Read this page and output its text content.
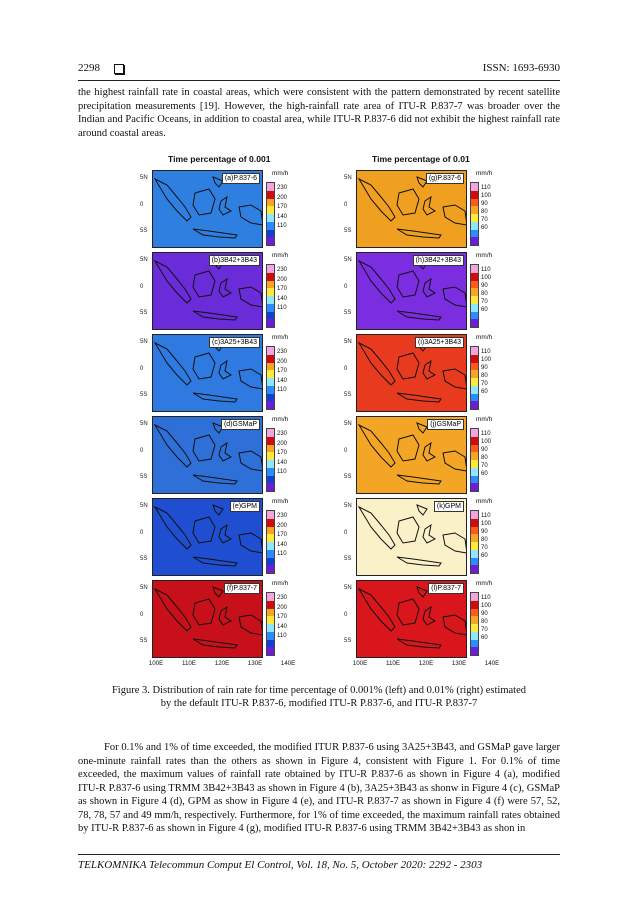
2298	ISSN: 1693-6930

the highest rainfall rate in coastal areas, which were consistent with the pattern demonstrated by recent satellite precipitation measurements [19]. However, the high-rainfall rate area of ITU-R P.837-7 was broader over the Indian and Pacific Oceans, in addition to coastal area, while ITU-R P.837-6 did not exhibit the highest rainfall rate around coastal areas.

Time percentage of 0.001	Time percentage of 0.01
100E	110E	120E	130E	140E	100E	110E	120E	130E	140E
5N
0
5S
(a)P.837-6
mm/h
230
200
170
140
110
5N
0
5S
(b)3B42+3B43
mm/h
230
200
170
140
110
5N
0
5S
(c)3A25+3B43
mm/h
230
200
170
140
110
5N
0
5S
(d)GSMaP
mm/h
230
200
170
140
110
5N
0
5S
(e)GPM
mm/h
230
200
170
140
110
5N
0
5S
(f)P.837-7
mm/h
230
200
170
140
110
5N
0
5S
(g)P.837-6
mm/h
110
100
90
80
70
60
5N
0
5S
(h)3B42+3B43
mm/h
110
100
90
80
70
60
5N
0
5S
(i)3A25+3B43
mm/h
110
100
90
80
70
60
5N
0
5S
(j)GSMaP
mm/h
110
100
90
80
70
60
5N
0
5S
(k)GPM
mm/h
110
100
90
80
70
60
5N
0
5S
(l)P.837-7
mm/h
110
100
90
80
70
60

Figure 3. Distribution of rain rate for time percentage of 0.001% (left) and 0.01% (right) estimated
by the default ITU-R P.837-6, modified ITU-R P.837-6, and ITU-R P.837-7

For 0.1% and 1% of time exceeded, the modified ITUR P.837-6 using 3A25+3B43, and GSMaP gave larger one-minute rainfall rates than the others as shown in Figure 4, consistent with Figure 1. For 0.1% of time exceeded, the maximum values of rainfall rate obtained by ITU-R P.837-6 as shown in Figure 4 (a), modified ITU-R P.837-6 using TRMM 3B42+3B43 as shown in Figure 4 (b), 3A25+3B43 as shonw in Figure 4 (c), GSMaP as shown in Figure 4 (d), GPM as show in Figure 4 (e), and ITU-R P.837-7 as shown in Figure 4 (f) were 57, 52, 78, 78, 57 and 49 mm/h, respectively. Furthermore, for 1% of time exceeded, the maximum rainfall rates obtained by ITU-R P.837-6 as shown in Figure 4 (g), modified ITU-R P.837-6 using TRMM 3B42+3B43 as shon in

TELKOMNIKA Telecommun Comput El Control, Vol. 18, No. 5, October 2020: 2292 - 2303
